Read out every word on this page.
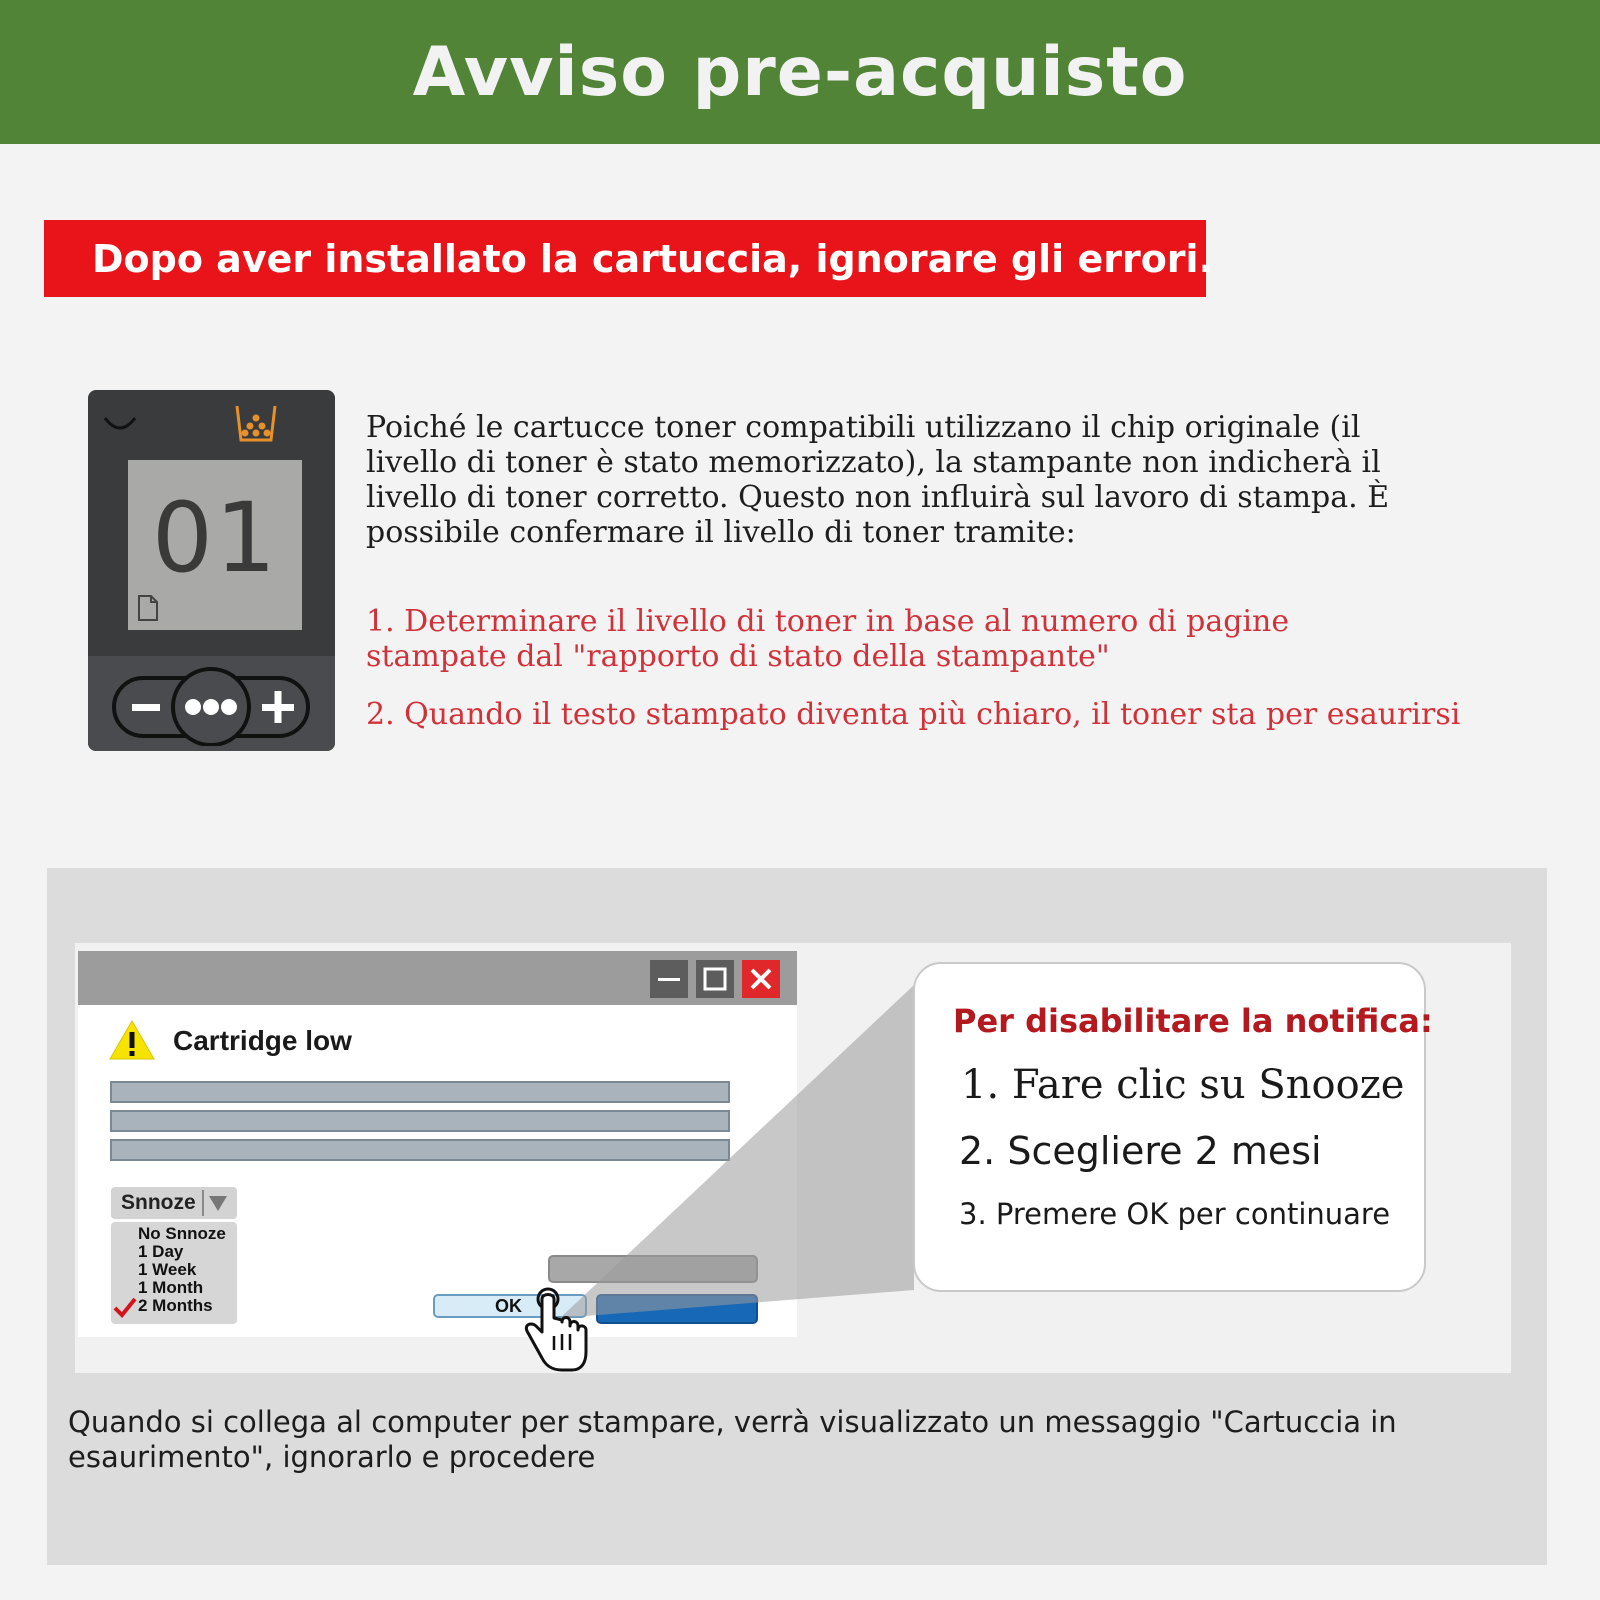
Avviso pre-acquisto
Dopo aver installato la cartuccia, ignorare gli errori.
01
Poiché le cartucce toner compatibili utilizzano il chip originale (il livello di toner è stato memorizzato), la stampante non indicherà il livello di toner corretto. Questo non influirà sul lavoro di stampa. È possibile confermare il livello di toner tramite:
1. Determinare il livello di toner in base al numero di pagine stampate dal "rapporto di stato della stampante"
2. Quando il testo stampato diventa più chiaro, il toner sta per esaurirsi
Cartridge low
Snnoze
No Snnoze
1 Day
1 Week
1 Month
2 Months	OK
Per disabilitare la notifica:
1. Fare clic su Snooze
2. Scegliere 2 mesi
3. Premere OK per continuare
Quando si collega al computer per stampare, verrà visualizzato un messaggio "Cartuccia in esaurimento", ignorarlo e procedere
